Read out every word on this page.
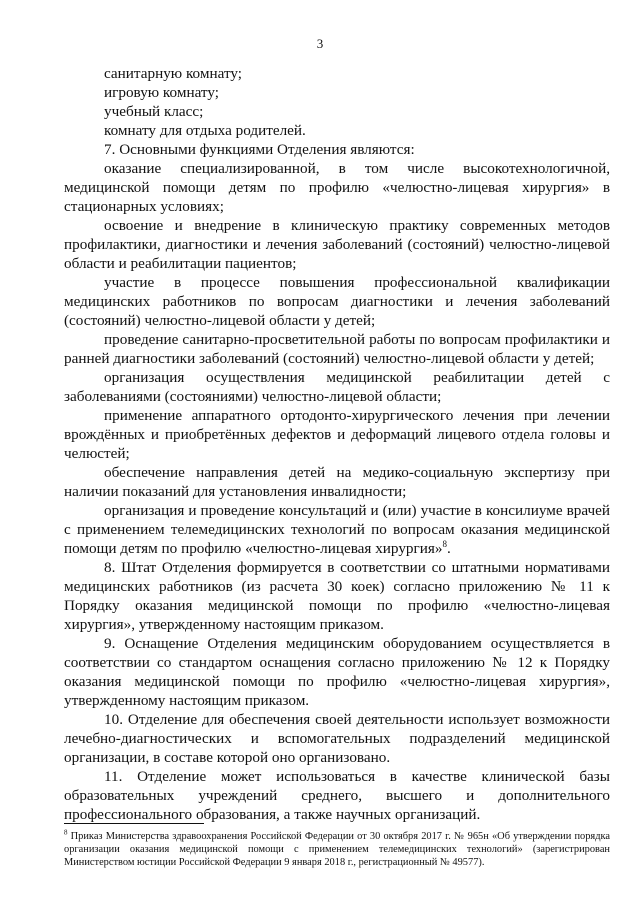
3

санитарную комнату;

игровую комнату;

учебный класс;

комнату для отдыха родителей.

7. Основными функциями Отделения являются:

оказание специализированной, в том числе высокотехнологичной, медицинской помощи детям по профилю «челюстно-лицевая хирургия» в стационарных условиях;

освоение и внедрение в клиническую практику современных методов профилактики, диагностики и лечения заболеваний (состояний) челюстно-лицевой области и реабилитации пациентов;

участие в процессе повышения профессиональной квалификации медицинских работников по вопросам диагностики и лечения заболеваний (состояний) челюстно-лицевой области у детей;

проведение санитарно-просветительной работы по вопросам профилактики и ранней диагностики заболеваний (состояний) челюстно-лицевой области у детей;

организация осуществления медицинской реабилитации детей с заболеваниями (состояниями) челюстно-лицевой области;

применение аппаратного ортодонто-хирургического лечения при лечении врождённых и приобретённых дефектов и деформаций лицевого отдела головы и челюстей;

обеспечение направления детей на медико-социальную экспертизу при наличии показаний для установления инвалидности;

организация и проведение консультаций и (или) участие в консилиуме врачей с применением телемедицинских технологий по вопросам оказания медицинской помощи детям по профилю «челюстно-лицевая хирургия»$^8$.

8. Штат Отделения формируется в соответствии со штатными нормативами медицинских работников (из расчета 30 коек) согласно приложению № 11 к Порядку оказания медицинской помощи по профилю «челюстно-лицевая хирургия», утвержденному настоящим приказом.

9. Оснащение Отделения медицинским оборудованием осуществляется в соответствии со стандартом оснащения согласно приложению № 12 к Порядку оказания медицинской помощи по профилю «челюстно-лицевая хирургия», утвержденному настоящим приказом.

10. Отделение для обеспечения своей деятельности использует возможности лечебно-диагностических и вспомогательных подразделений медицинской организации, в составе которой оно организовано.

11. Отделение может использоваться в качестве клинической базы образовательных учреждений среднего, высшего и дополнительного профессионального образования, а также научных организаций.

$^8$ Приказ Министерства здравоохранения Российской Федерации от 30 октября 2017 г. № 965н «Об утверждении порядка организации оказания медицинской помощи с применением телемедицинских технологий» (зарегистрирован Министерством юстиции Российской Федерации 9 января 2018 г., регистрационный № 49577).
